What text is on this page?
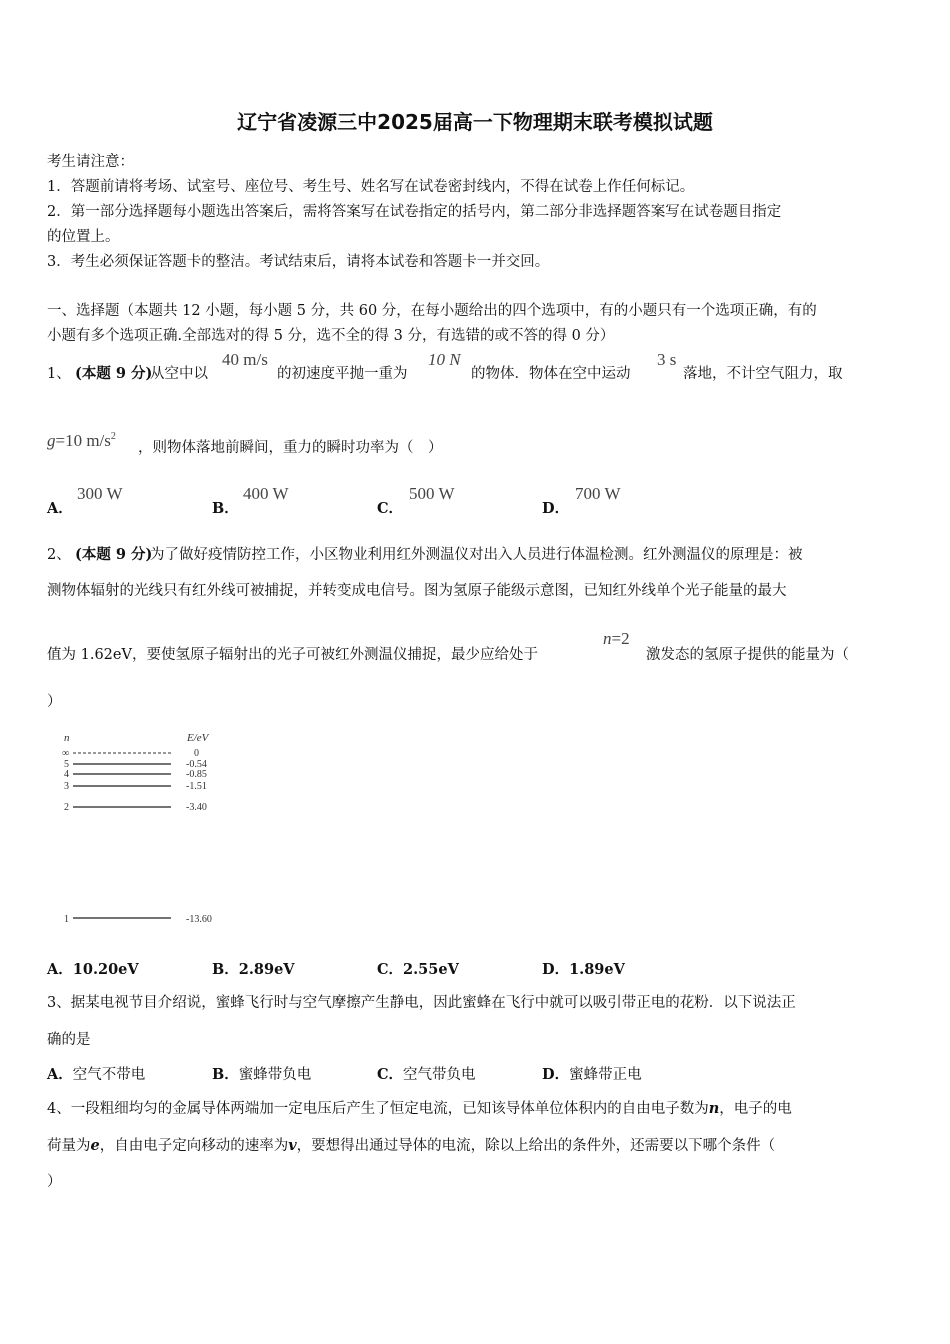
辽宁省凌源三中2025届高一下物理期末联考模拟试题
考生请注意：
1．答题前请将考场、试室号、座位号、考生号、姓名写在试卷密封线内，不得在试卷上作任何标记。
2．第一部分选择题每小题选出答案后，需将答案写在试卷指定的括号内，第二部分非选择题答案写在试卷题目指定
的位置上。
3．考生必须保证答题卡的整洁。考试结束后，请将本试卷和答题卡一并交回。
一、选择题（本题共 12 小题，每小题 5 分，共 60 分，在每小题给出的四个选项中，有的小题只有一个选项正确，有的
小题有多个选项正确.全部选对的得 5 分，选不全的得 3 分，有选错的或不答的得 0 分）
1、 (本题 9 分)
从空中以
40 m/s
的初速度平抛一重为
10 N
的物体．物体在空中运动
3 s
落地，不计空气阻力，取
g=10 $m/s^2$
，则物体落地前瞬间，重力的瞬时功率为（　）
A．
300 W
B．
400 W
C．
500 W
D．
700 W
2、 (本题 9 分)
为了做好疫情防控工作，小区物业利用红外测温仪对出入人员进行体温检测。红外测温仪的原理是：被
测物体辐射的光线只有红外线可被捕捉，并转变成电信号。图为氢原子能级示意图，已知红外线单个光子能量的最大
值为 1.62eV，要使氢原子辐射出的光子可被红外测温仪捕捉，最少应给处于
n=2
激发态的氢原子提供的能量为（
）
n	E/eV
∞	0
5	-0.54
4	-0.85
3	-1.51
2	-3.40
1	-13.60
A．10.20eV	B．2.89eV	C．2.55eV	D．1.89eV
3、据某电视节目介绍说，蜜蜂飞行时与空气摩擦产生静电，因此蜜蜂在飞行中就可以吸引带正电的花粉．以下说法正
确的是
A．空气不带电	B．蜜蜂带负电	C．空气带负电	D．蜜蜂带正电
4、一段粗细均匀的金属导体两端加一定电压后产生了恒定电流，已知该导体单位体积内的自由电子数为n，电子的电
荷量为e，自由电子定向移动的速率为v，要想得出通过导体的电流，除以上给出的条件外，还需要以下哪个条件（
）
